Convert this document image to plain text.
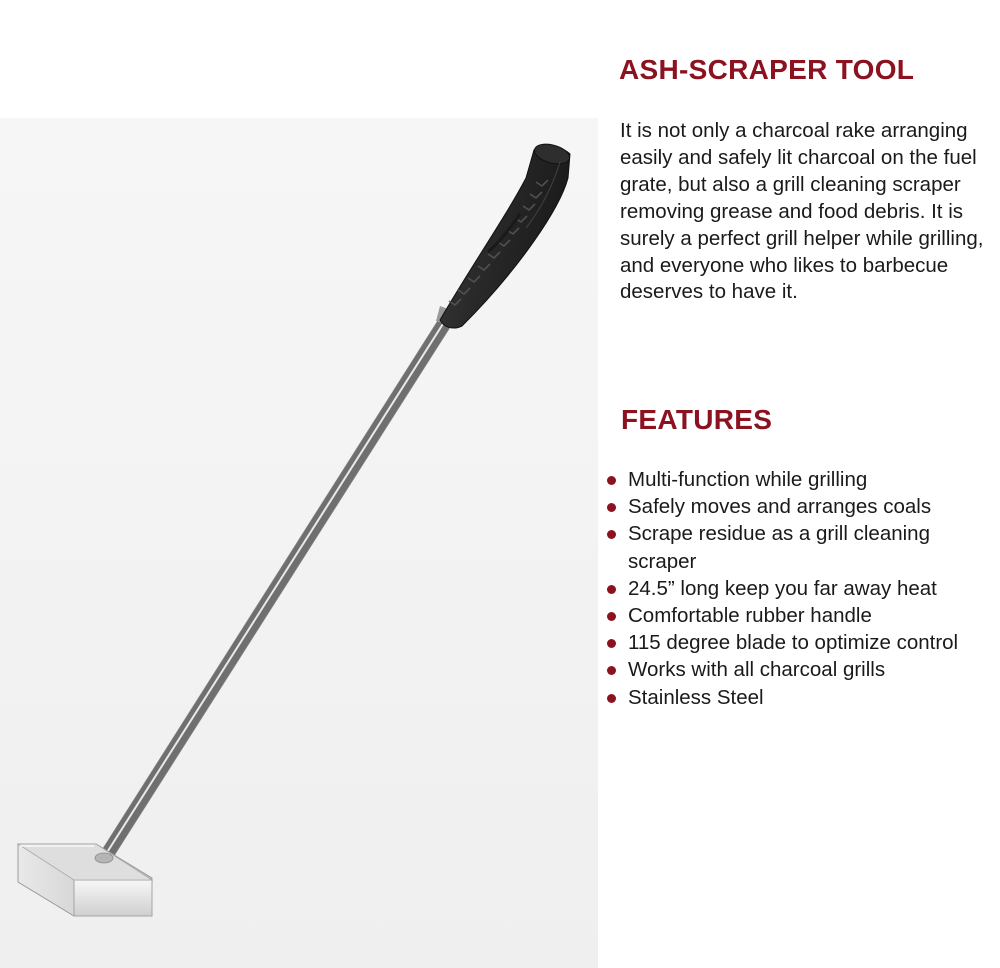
ASH-SCRAPER TOOL

It is not only a charcoal rake arranging easily and safely lit charcoal on the fuel grate, but also a grill cleaning scraper removing grease and food debris. It is surely a perfect grill helper while grilling, and everyone who likes to barbecue deserves to have it.

FEATURES
Multi-function while grilling
Safely moves and arranges coals
Scrape residue as a grill cleaning scraper
24.5” long keep you far away heat
Comfortable rubber handle
115 degree blade to optimize control
Works with all charcoal grills
Stainless Steel
